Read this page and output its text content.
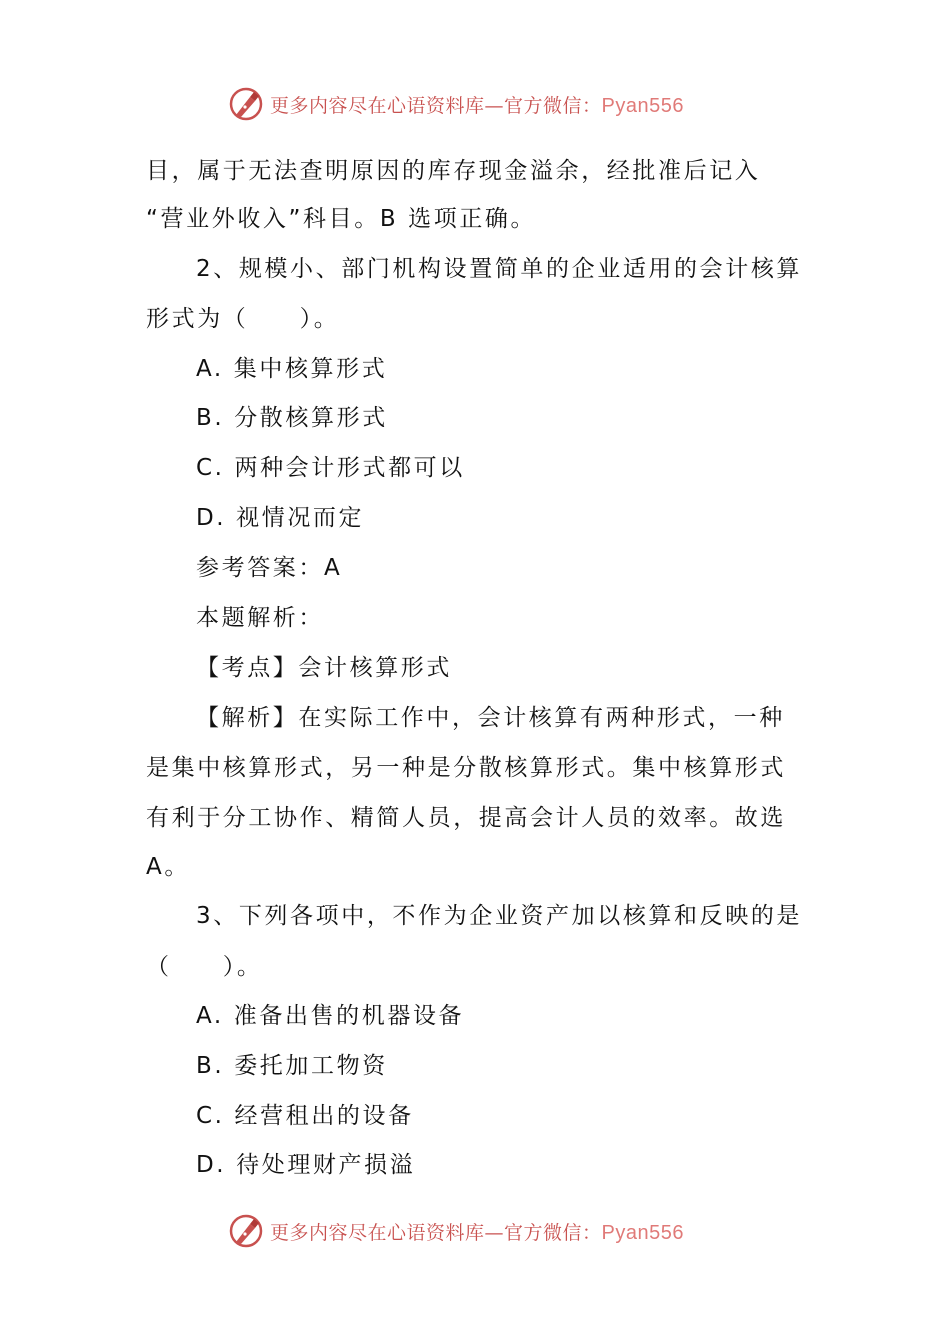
更多内容尽在心语资料库—官方微信：Pyan556
目，属于无法查明原因的库存现金溢余，经批准后记入
“营业外收入”科目。B 选项正确。
2、规模小、部门机构设置简单的企业适用的会计核算
形式为（　　）。
A. 集中核算形式
B. 分散核算形式
C. 两种会计形式都可以
D. 视情况而定
参考答案：A
本题解析：
【考点】会计核算形式
【解析】在实际工作中，会计核算有两种形式，一种
是集中核算形式，另一种是分散核算形式。集中核算形式
有利于分工协作、精简人员，提高会计人员的效率。故选
A。
3、下列各项中，不作为企业资产加以核算和反映的是
（　　）。
A. 准备出售的机器设备
B. 委托加工物资
C. 经营租出的设备
D. 待处理财产损溢
更多内容尽在心语资料库—官方微信：Pyan556
